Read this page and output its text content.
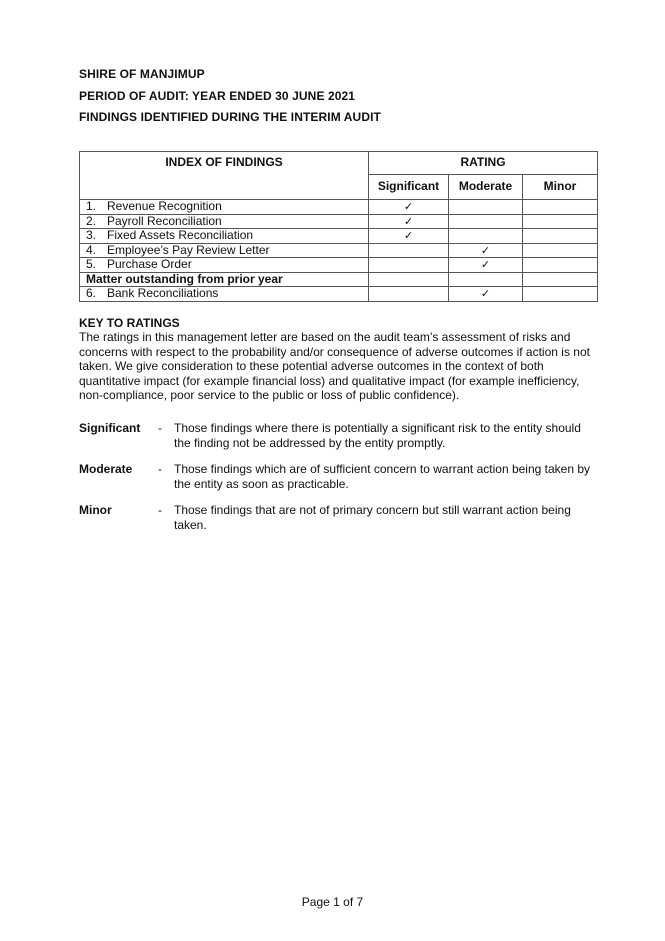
SHIRE OF MANJIMUP
PERIOD OF AUDIT: YEAR ENDED 30 JUNE 2021
FINDINGS IDENTIFIED DURING THE INTERIM AUDIT
INDEX OF FINDINGS	RATING		
	Significant	Moderate	Minor
1. Revenue Recognition	✓		
2. Payroll Reconciliation	✓		
3. Fixed Assets Reconciliation	✓		
4. Employee’s Pay Review Letter		✓	
5. Purchase Order		✓	
Matter outstanding from prior year			
6. Bank Reconciliations		✓	
KEY TO RATINGS
The ratings in this management letter are based on the audit team’s assessment of risks and concerns with respect to the probability and/or consequence of adverse outcomes if action is not taken. We give consideration to these potential adverse outcomes in the context of both quantitative impact (for example financial loss) and qualitative impact (for example inefficiency, non-compliance, poor service to the public or loss of public confidence).
Significant - Those findings where there is potentially a significant risk to the entity should the finding not be addressed by the entity promptly.
Moderate - Those findings which are of sufficient concern to warrant action being taken by the entity as soon as practicable.
Minor	- Those findings that are not of primary concern but still warrant action being taken.
Page 1 of 7
